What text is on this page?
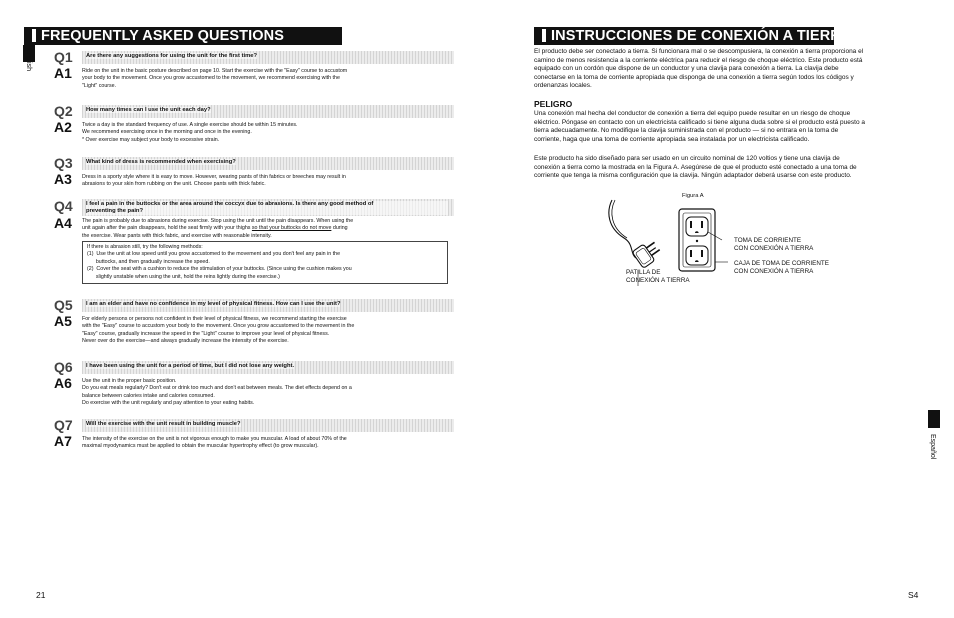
FREQUENTLY ASKED QUESTIONS
English Q1	Are there any suggestions for using the unit for the first time?
A1 Ride on the unit in the basic posture described on page 10. Start the exercise with the "Easy" course to accustom
your body to the movement. Once you grow accustomed to the movement, we recommend exercising with the
"Light" course.
Q2	How many times can I use the unit each day?
A2 Twice a day is the standard frequency of use. A single exercise should be within 15 minutes.
We recommend exercising once in the morning and once in the evening.
* Over exercise may subject your body to excessive strain.
Q3	What kind of dress is recommended when exercising?
A3 Dress in a sporty style where it is easy to move. However, wearing pants of thin fabrics or breeches may result in
abrasions to your skin from rubbing on the unit. Choose pants with thick fabric.
Q4 I feel a pain in the buttocks or the area around the coccyx due to abrasions. Is there any good method of
preventing the pain?
A4 The pain is probably due to abrasions during exercise. Stop using the unit until the pain disappears. When using the
unit again after the pain disappears, hold the seat firmly with your thighs so that your buttocks do not move during
the exercise. Wear pants with thick fabric, and exercise with reasonable intensity.
If there is abrasion still, try the following methods:
(1)  Use the unit at low speed until you grow accustomed to the movement and you don't feel any pain in the
buttocks, and then gradually increase the speed.
(2)  Cover the seat with a cushion to reduce the stimulation of your buttocks. (Since using the cushion makes you
slightly unstable when using the unit, hold the reins lightly during the exercise.)
Q5	I am an elder and have no confidence in my level of physical fitness. How can I use the unit?
A5 For elderly persons or persons not confident in their level of physical fitness, we recommend starting the exercise
with the "Easy" course to accustom your body to the movement. Once you grow accustomed to the movement in the
"Easy" course, gradually increase the speed in the "Light" course to improve your level of physical fitness.
Never over do the exercise—and always gradually increase the intensity of the exercise.
Q6	I have been using the unit for a period of time, but I did not lose any weight.
A6 Use the unit in the proper basic position.
Do you eat meals regularly? Don't eat or drink too much and don't eat between meals. The diet effects depend on a
balance between calories intake and calories consumed.
Do exercise with the unit regularly and pay attention to your eating habits.
Q7	Will the exercise with the unit result in building muscle?
A7 The intensity of the exercise on the unit is not vigorous enough to make you muscular. A load of about 70% of the
maximal myodynamics must be applied to obtain the muscular hypertrophy effect (to grow muscular).
21
INSTRUCCIONES DE CONEXIÓN A TIERRA
El producto debe ser conectado a tierra. Si funcionara mal o se descompusiera, la conexión a tierra proporciona el
camino de menos resistencia a la corriente eléctrica para reducir el riesgo de choque eléctrico. Este producto está
equipado con un cordón que dispone de un conductor y una clavija para conexión a tierra. La clavija debe
conectarse en la toma de corriente apropiada que disponga de una conexión a tierra según todos los códigos y
ordenanzas locales.
PELIGRO
Una conexión mal hecha del conductor de conexión a tierra del equipo puede resultar en un riesgo de choque
eléctrico. Póngase en contacto con un electricista calificado si tiene alguna duda sobre si el producto está puesto a
tierra adecuadamente. No modifique la clavija suministrada con el producto — si no entrara en la toma de
corriente, haga que una toma de corriente apropiada sea instalada por un electricista calificado.
Este producto ha sido diseñado para ser usado en un circuito nominal de 120 voltios y tiene una clavija de
conexión a tierra como la mostrada en la Figura A. Asegúrese de que el producto esté conectado a una toma de
corriente que tenga la misma configuración que la clavija. Ningún adaptador deberá usarse con este producto.
Figura A
TOMA DE CORRIENTE
CON CONEXIÓN A TIERRA
CAJA DE TOMA DE CORRIENTE
CON CONEXIÓN A TIERRA
PATILLA DE
CONEXIÓN A TIERRA
Español
S4
